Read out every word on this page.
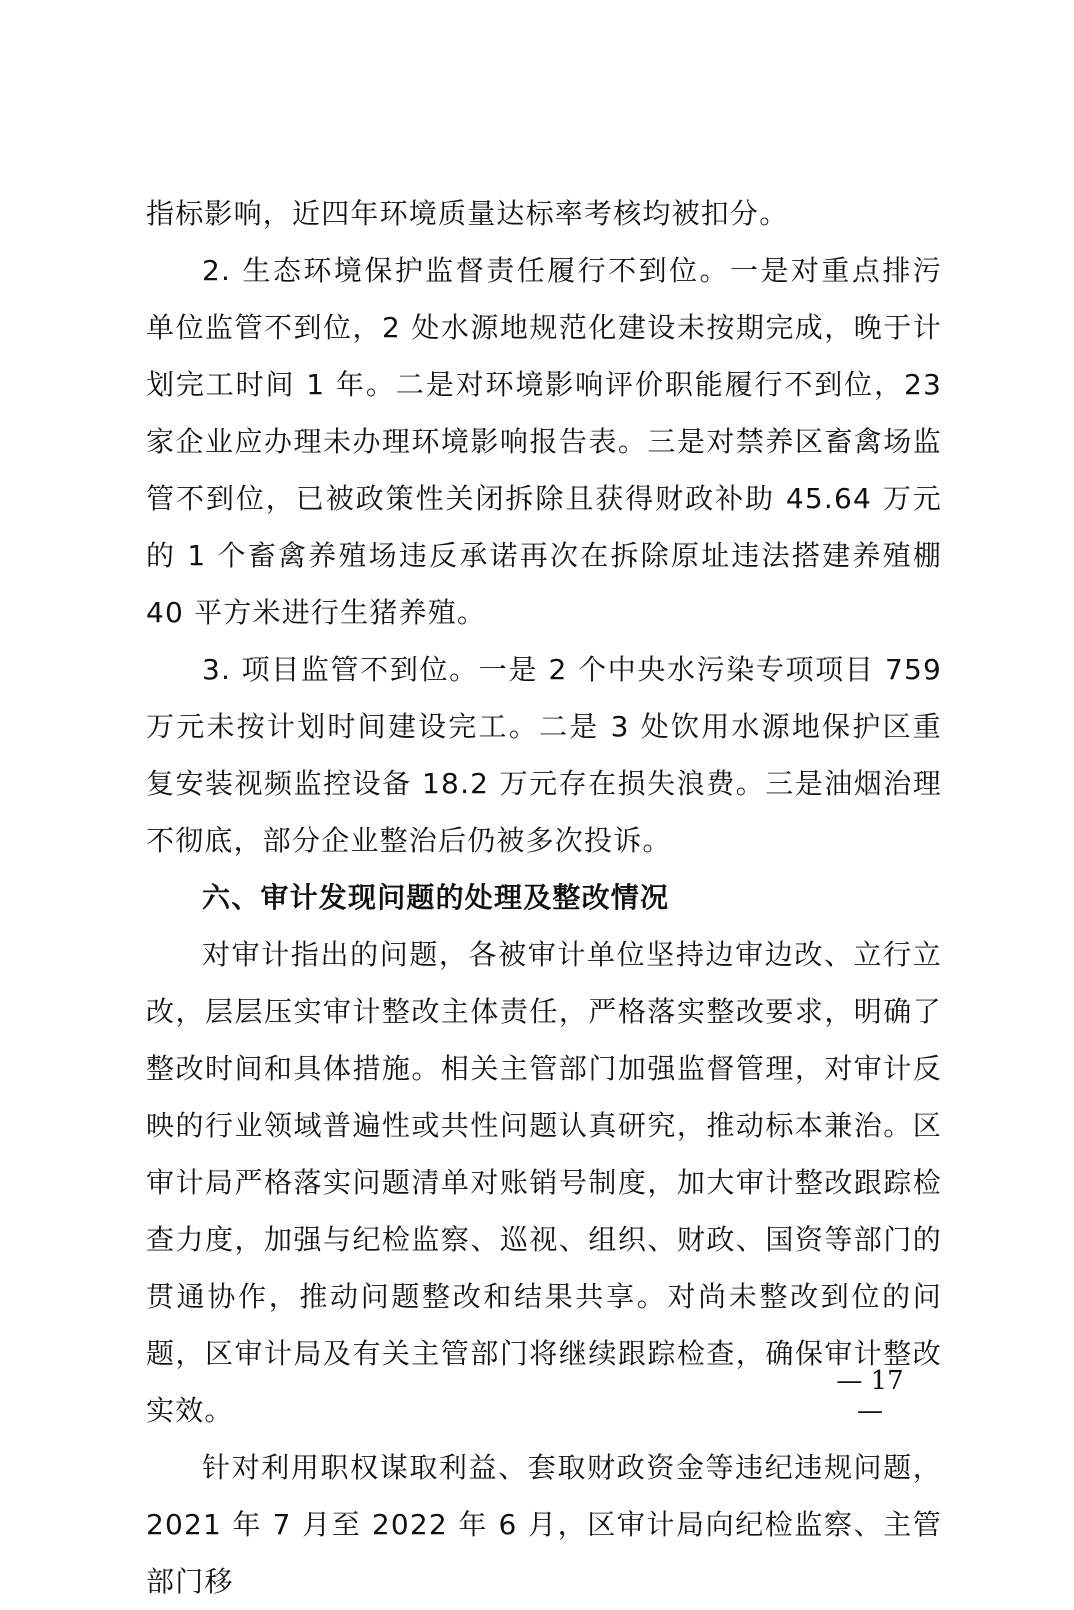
指标影响，近四年环境质量达标率考核均被扣分。

2. 生态环境保护监督责任履行不到位。一是对重点排污单位监管不到位，2 处水源地规范化建设未按期完成，晚于计划完工时间 1 年。二是对环境影响评价职能履行不到位，23 家企业应办理未办理环境影响报告表。三是对禁养区畜禽场监管不到位，已被政策性关闭拆除且获得财政补助 45.64 万元的 1 个畜禽养殖场违反承诺再次在拆除原址违法搭建养殖棚 40 平方米进行生猪养殖。

3. 项目监管不到位。一是 2 个中央水污染专项项目 759 万元未按计划时间建设完工。二是 3 处饮用水源地保护区重复安装视频监控设备 18.2 万元存在损失浪费。三是油烟治理不彻底，部分企业整治后仍被多次投诉。

六、审计发现问题的处理及整改情况

对审计指出的问题，各被审计单位坚持边审边改、立行立改，层层压实审计整改主体责任，严格落实整改要求，明确了整改时间和具体措施。相关主管部门加强监督管理，对审计反映的行业领域普遍性或共性问题认真研究，推动标本兼治。区审计局严格落实问题清单对账销号制度，加大审计整改跟踪检查力度，加强与纪检监察、巡视、组织、财政、国资等部门的贯通协作，推动问题整改和结果共享。对尚未整改到位的问题，区审计局及有关主管部门将继续跟踪检查，确保审计整改实效。

针对利用职权谋取利益、套取财政资金等违纪违规问题，2021 年 7 月至 2022 年 6 月，区审计局向纪检监察、主管部门移

— 17 —
